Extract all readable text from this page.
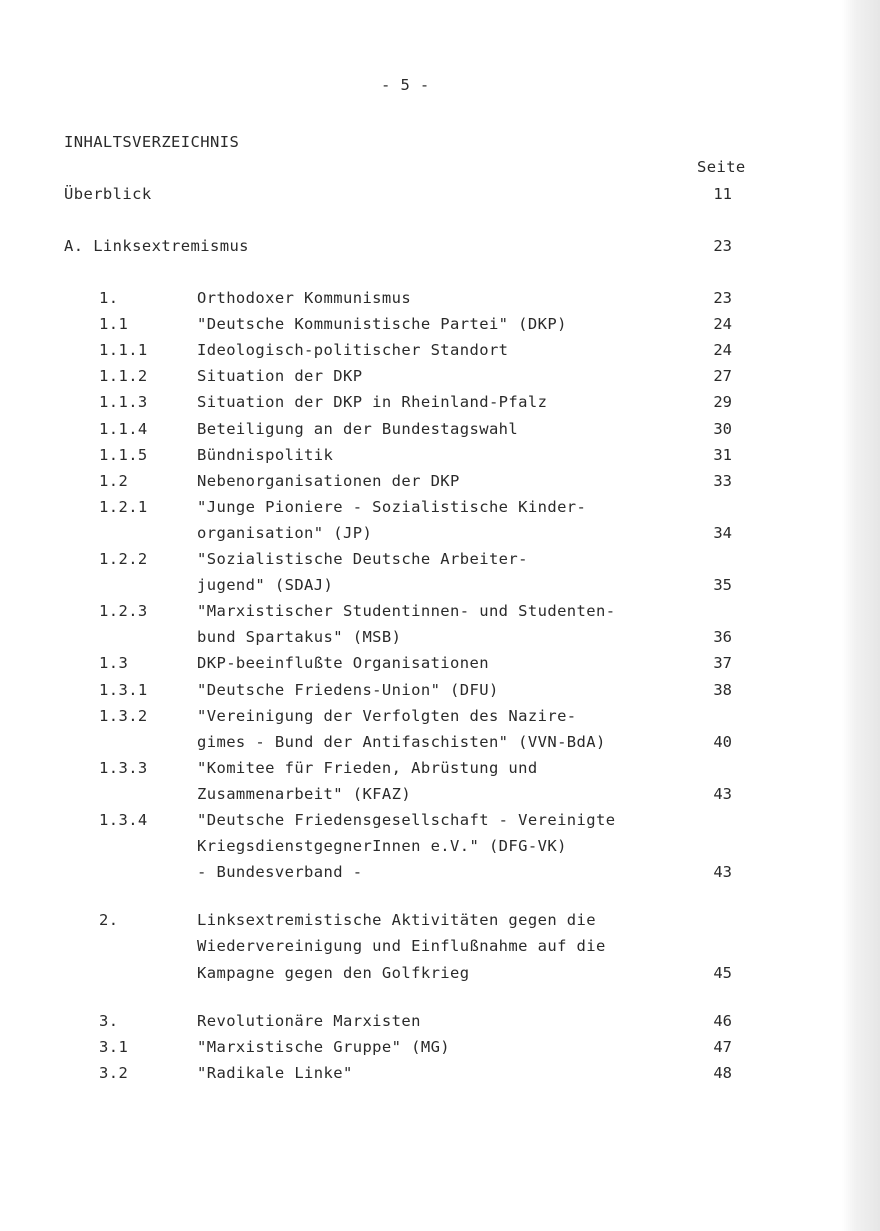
- 5 -
INHALTSVERZEICHNIS
Seite
Überblick	11
A. Linksextremismus	23
1.	Orthodoxer Kommunismus	23
1.1	"Deutsche Kommunistische Partei" (DKP)	24
1.1.1	Ideologisch-politischer Standort	24
1.1.2	Situation der DKP	27
1.1.3	Situation der DKP in Rheinland-Pfalz	29
1.1.4	Beteiligung an der Bundestagswahl	30
1.1.5	Bündnispolitik	31
1.2	Nebenorganisationen der DKP	33
1.2.1	"Junge Pioniere - Sozialistische Kinder-
organisation" (JP)	34
1.2.2	"Sozialistische Deutsche Arbeiter-
jugend" (SDAJ)	35
1.2.3	"Marxistischer Studentinnen- und Studenten-
bund Spartakus" (MSB)	36
1.3	DKP-beeinflußte Organisationen	37
1.3.1	"Deutsche Friedens-Union" (DFU)	38
1.3.2	"Vereinigung der Verfolgten des Nazire-
gimes - Bund der Antifaschisten" (VVN-BdA)	40
1.3.3	"Komitee für Frieden, Abrüstung und
Zusammenarbeit" (KFAZ)	43
1.3.4	"Deutsche Friedensgesellschaft - Vereinigte
KriegsdienstgegnerInnen e.V." (DFG-VK)
- Bundesverband -	43
2.	Linksextremistische Aktivitäten gegen die
Wiedervereinigung und Einflußnahme auf die
Kampagne gegen den Golfkrieg	45
3.	Revolutionäre Marxisten	46
3.1	"Marxistische Gruppe" (MG)	47
3.2	"Radikale Linke"	48
